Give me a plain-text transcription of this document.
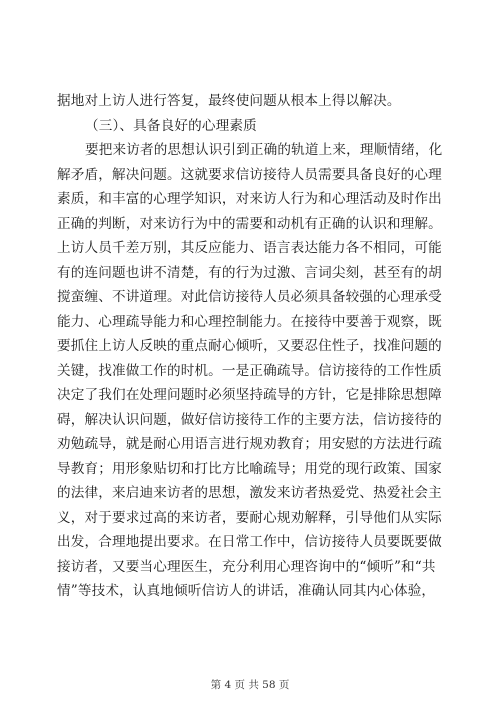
据地对上访人进行答复，最终使问题从根本上得以解决。
（三）、具备良好的心理素质
要把来访者的思想认识引到正确的轨道上来，理顺情绪，化
解矛盾，解决问题。这就要求信访接待人员需要具备良好的心理
素质，和丰富的心理学知识，对来访人行为和心理活动及时作出
正确的判断，对来访行为中的需要和动机有正确的认识和理解。
上访人员千差万别，其反应能力、语言表达能力各不相同，可能
有的连问题也讲不清楚，有的行为过激、言词尖刻，甚至有的胡
搅蛮缠、不讲道理。对此信访接待人员必须具备较强的心理承受
能力、心理疏导能力和心理控制能力。在接待中要善于观察，既
要抓住上访人反映的重点耐心倾听，又要忍住性子，找准问题的
关键，找准做工作的时机。一是正确疏导。信访接待的工作性质
决定了我们在处理问题时必须坚持疏导的方针，它是排除思想障
碍，解决认识问题，做好信访接待工作的主要方法，信访接待的
劝勉疏导，就是耐心用语言进行规劝教育；用安慰的方法进行疏
导教育；用形象贴切和打比方比喻疏导；用党的现行政策、国家
的法律，来启迪来访者的思想，激发来访者热爱党、热爱社会主
义，对于要求过高的来访者，要耐心规劝解释，引导他们从实际
出发，合理地提出要求。在日常工作中，信访接待人员要既要做
接访者，又要当心理医生，充分利用心理咨询中的“倾听”和“共
情”等技术，认真地倾听信访人的讲话，准确认同其内心体验，
第 4 页 共 58 页
